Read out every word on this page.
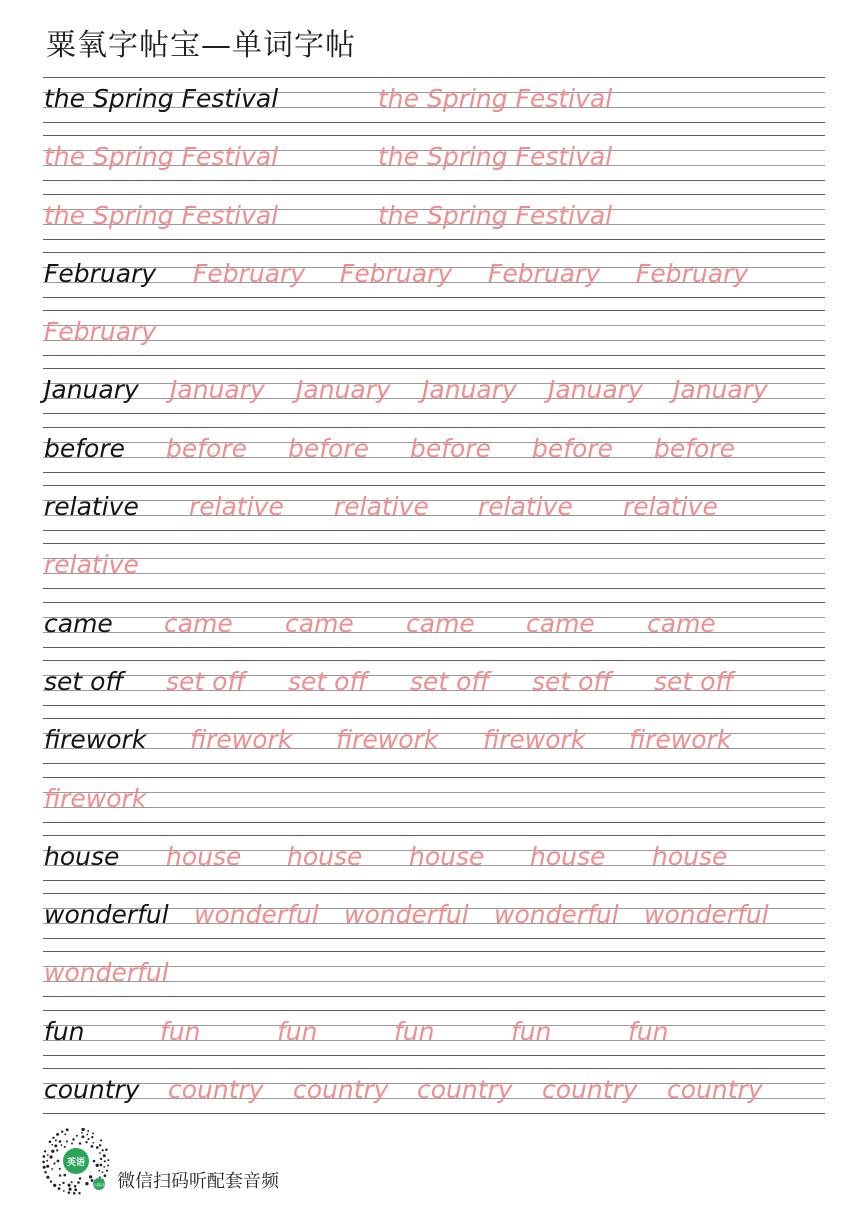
粟氧字帖宝—单词字帖
the Spring Festival	the Spring Festival
the Spring Festival	the Spring Festival
the Spring Festival	the Spring Festival
February February February February February
February
January January January January January January
before before before before before before
relative relative relative relative relative
relative
came came came came came came
set off set off set off set off set off set off
firework firework firework firework firework
firework
house house house house house house
wonderful wonderful wonderful wonderful wonderful
wonderful
fun	fun	fun	fun	fun	fun
country country country country country country
英语
小程序 微信扫码听配套音频
